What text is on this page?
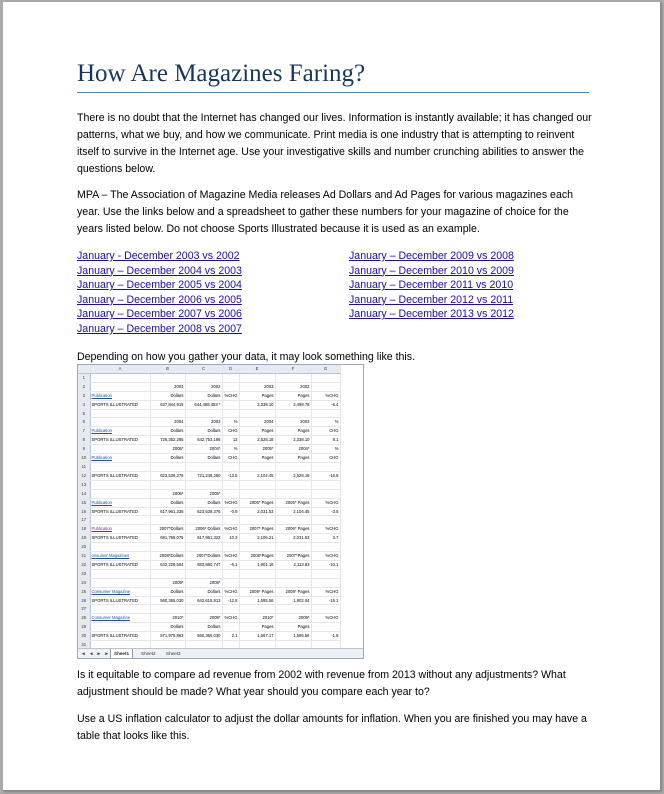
How Are Magazines Faring?

There is no doubt that the Internet has changed our lives. Information is instantly available; it has changed our patterns, what we buy, and how we communicate. Print media is one industry that is attempting to reinvent itself to survive in the Internet age. Use your investigative skills and number crunching abilities to answer the questions below.

MPA – The Association of Magazine Media releases Ad Dollars and Ad Pages for various magazines each year. Use the links below and a spreadsheet to gather these numbers for your magazine of choice for the years listed below. Do not choose Sports Illustrated because it is used as an example.

January - December 2003 vs 2002
January – December 2004 vs 2003
January – December 2005 vs 2004
January – December 2006 vs 2005
January – December 2007 vs 2006
January – December 2008 vs 2007
January – December 2009 vs 2008
January – December 2010 vs 2009
January – December 2011 vs 2010
January – December 2012 vs 2011
January – December 2013 vs 2012

Depending on how you gather your data, it may look something like this.

	A	B	C	D	E	F	G
1							
2		2003	2002		2003	2002	
3	Publication	Dollars	Dollars	%CHG	Pages	Pages	%CHG
4	SPORTS ILLUSTRATED	637,844,915	644,468,453 *		2,338.10	2,498.78	-6.4
5							
6		2004	2003	%	2004	2003	%
7	Publication	Dollars	Dollars	CHG	Pages	Pages	CHG
8	SPORTS ILLUSTRATED	726,352,285	642,753,186	13	2,528.18	2,338.10	8.1
9		2005*	2004*	%	2005*	2004*	%
10	Publication	Dollars	Dollars	CHG	Pages	Pages	CHG
11							
12	SPORTS ILLUSTRATED	623,539,376	721,246,250	-13.5	2,104.45	2,528.18	-16.8
13							
14		2006*	2005*				
15	Publication	Dollars	Dollars	%CHG	2006* Pages	2005* Pages	%CHG
16	SPORTS ILLUSTRATED	617,961,336	623,539,376	-0.9	2,031.53	2,104.45	-3.5
17							
18	Publication	2007*Dollars	2006* Dollars	%CHG	2007* Pages	2006* Pages	%CHG
19	SPORTS ILLUSTRATED	681,768,075	617,961,322	10.3	2,106.21	2,031.53	3.7
20							
21	onsumer Magazines	2008*Dollars	2007*Dollars	%CHG	2008*Pages	2007*Pages	%CHG
22	SPORTS ILLUSTRATED	642,228,504	683,860,747	-6.1	1,901.16	2,113.83	-10.1
23							
24		2009*	2008*				
25	Consumer Magazine	Dollars	Dollars	%CHG	2009* Pages	2008* Pages	%CHG
26	SPORTS ILLUSTRATED	560,365,030	642,615,913	-12.8	1,595.56	1,902.04	-16.1
27							
28	Consumer Magazine	2010*	2009*	%CHG	2010*	2009*	%CHG
29		Dollars	Dollars		Pages	Pages	
30	SPORTS ILLUSTRATED	571,975,863	560,365,030	2.1	1,567.17	1,595.56	-1.8
31							
◄ ◄ ► ► Sheet1	Sheet2	Sheet3

Is it equitable to compare ad revenue from 2002 with revenue from 2013 without any adjustments? What adjustment should be made? What year should you compare each year to?

Use a US inflation calculator to adjust the dollar amounts for inflation. When you are finished you may have a table that looks like this.
